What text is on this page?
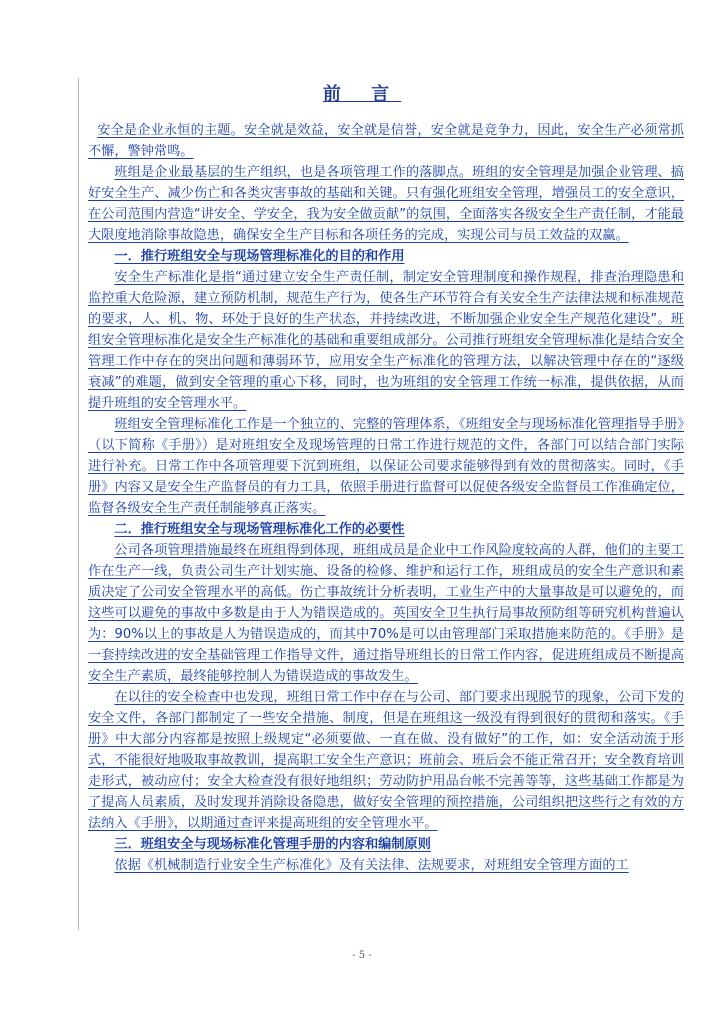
前 言

安全是企业永恒的主题。安全就是效益，安全就是信誉，安全就是竞争力，因此，安全生产必须常抓不懈，警钟常鸣。

班组是企业最基层的生产组织，也是各项管理工作的落脚点。班组的安全管理是加强企业管理、搞好安全生产、减少伤亡和各类灾害事故的基础和关键。只有强化班组安全管理，增强员工的安全意识，在公司范围内营造“讲安全、学安全，我为安全做贡献”的氛围，全面落实各级安全生产责任制，才能最大限度地消除事故隐患，确保安全生产目标和各项任务的完成，实现公司与员工效益的双赢。

一．推行班组安全与现场管理标准化的目的和作用

安全生产标准化是指“通过建立安全生产责任制，制定安全管理制度和操作规程，排查治理隐患和监控重大危险源，建立预防机制，规范生产行为，使各生产环节符合有关安全生产法律法规和标准规范的要求，人、机、物、环处于良好的生产状态，并持续改进，不断加强企业安全生产规范化建设”。班组安全管理标准化是安全生产标准化的基础和重要组成部分。公司推行班组安全管理标准化是结合安全管理工作中存在的突出问题和薄弱环节，应用安全生产标准化的管理方法，以解决管理中存在的“逐级衰减”的难题，做到安全管理的重心下移，同时，也为班组的安全管理工作统一标准，提供依据，从而提升班组的安全管理水平。

班组安全管理标准化工作是一个独立的、完整的管理体系，《班组安全与现场标准化管理指导手册》（以下简称《手册》）是对班组安全及现场管理的日常工作进行规范的文件，各部门可以结合部门实际进行补充。日常工作中各项管理要下沉到班组，以保证公司要求能够得到有效的贯彻落实。同时，《手册》内容又是安全生产监督员的有力工具，依照手册进行监督可以促使各级安全监督员工作准确定位，监督各级安全生产责任制能够真正落实。

二．推行班组安全与现场管理标准化工作的必要性

公司各项管理措施最终在班组得到体现，班组成员是企业中工作风险度较高的人群，他们的主要工作在生产一线，负责公司生产计划实施、设备的检修、维护和运行工作，班组成员的安全生产意识和素质决定了公司安全管理水平的高低。伤亡事故统计分析表明，工业生产中的大量事故是可以避免的，而这些可以避免的事故中多数是由于人为错误造成的。英国安全卫生执行局事故预防组等研究机构普遍认为：90%以上的事故是人为错误造成的，而其中70%是可以由管理部门采取措施来防范的。《手册》是一套持续改进的安全基础管理工作指导文件，通过指导班组长的日常工作内容，促进班组成员不断提高安全生产素质，最终能够控制人为错误造成的事故发生。

在以往的安全检查中也发现，班组日常工作中存在与公司、部门要求出现脱节的现象，公司下发的安全文件，各部门都制定了一些安全措施、制度，但是在班组这一级没有得到很好的贯彻和落实。《手册》中大部分内容都是按照上级规定“必须要做、一直在做、没有做好”的工作，如：安全活动流于形式，不能很好地吸取事故教训，提高职工安全生产意识；班前会、班后会不能正常召开；安全教育培训走形式，被动应付；安全大检查没有很好地组织；劳动防护用品台帐不完善等等，这些基础工作都是为了提高人员素质，及时发现并消除设备隐患，做好安全管理的预控措施，公司组织把这些行之有效的方法纳入《手册》，以期通过查评来提高班组的安全管理水平。

三．班组安全与现场标准化管理手册的内容和编制原则

依据《机械制造行业安全生产标准化》及有关法律、法规要求，对班组安全管理方面的工

- 5 -
